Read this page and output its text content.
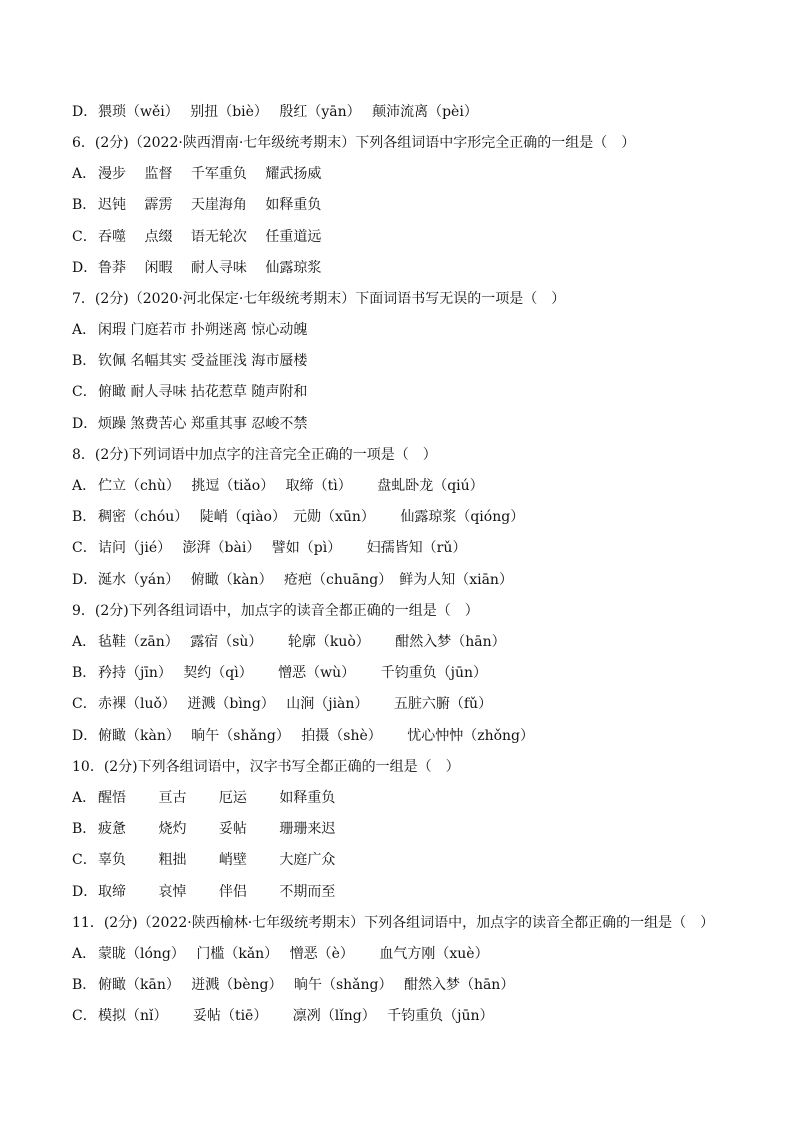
D．猥琐（wěi）　 别扭（biè）　 殷红（yān）　 颠沛流离（pèi）
6．(2分)（2022·陕西渭南·七年级统考期末）下列各组词语中字形完全正确的一组是（　）
A． 漫步　 监督　 千军重负　 耀武扬威
B． 迟钝　 霹雳　 天崖海角　 如释重负
C．吞噬　 点缀　 语无轮次　 任重道远
D．鲁莽　 闲暇　 耐人寻味　 仙露琼浆
7．(2分)（2020·河北保定·七年级统考期末）下面词语书写无误的一项是（　）
A． 闲瑕 门庭若市 扑朔迷离 惊心动魄
B． 钦佩 名幅其实 受益匪浅 海市蜃楼
C．俯瞰 耐人寻味 拈花惹草 随声附和
D．烦躁 煞费苦心 郑重其事 忍峻不禁
8．(2分)下列词语中加点字的注音完全正确的一项是（　）
A． 伫立（chù）　 挑逗（tiǎo）　 取缔（tì）　　 盘虬卧龙（qiú）
B． 稠密（chóu）　 陡峭（qiào）　元勋（xūn）　　 仙露琼浆（qióng）
C．诘问（jié）　 澎湃（bài）　 譬如（pì）　　 妇孺皆知（rǔ）
D．涎水（yán）　 俯瞰（kàn）　 疮疤（chuāng）　鲜为人知（xiān）
9．(2分)下列各组词语中，加点字的读音全都正确的一组是（　）
A． 毡鞋（zān）　 露宿（sù）　　 轮廓（kuò）　　 酣然入梦（hān）
B． 矜持（jīn）　 契约（qì）　　 憎恶（wù）　　 千钧重负（jūn）
C．赤裸（luǒ）　 迸溅（bìng）　 山涧（jiàn）　　 五脏六腑（fǔ）
D．俯瞰（kàn）　 晌午（shǎng）　 拍摄（shè）　　 忧心忡忡（zhǒng）
10．(2分)下列各组词语中，汉字书写全都正确的一组是（　）
A． 醒悟　　 亘古　　 厄运　　 如释重负
B． 疲惫　　 烧灼　　 妥帖　　 珊珊来迟
C．辜负　　 粗拙　　 峭壁　　 大庭广众
D．取缔　　 哀悼　　 伴侣　　 不期而至
11．(2分)（2022·陕西榆林·七年级统考期末）下列各组词语中，加点字的读音全都正确的一组是（　）
A． 蒙眬（lóng）　 门槛（kǎn）　 憎恶（è）　　 血气方刚（xuè）
B． 俯瞰（kān）　 迸溅（bèng）　 晌午（shǎng）　 酣然入梦（hān）
C．模拟（nǐ）　　 妥帖（tiē）　　 凛冽（lǐng）　 千钧重负（jūn）
